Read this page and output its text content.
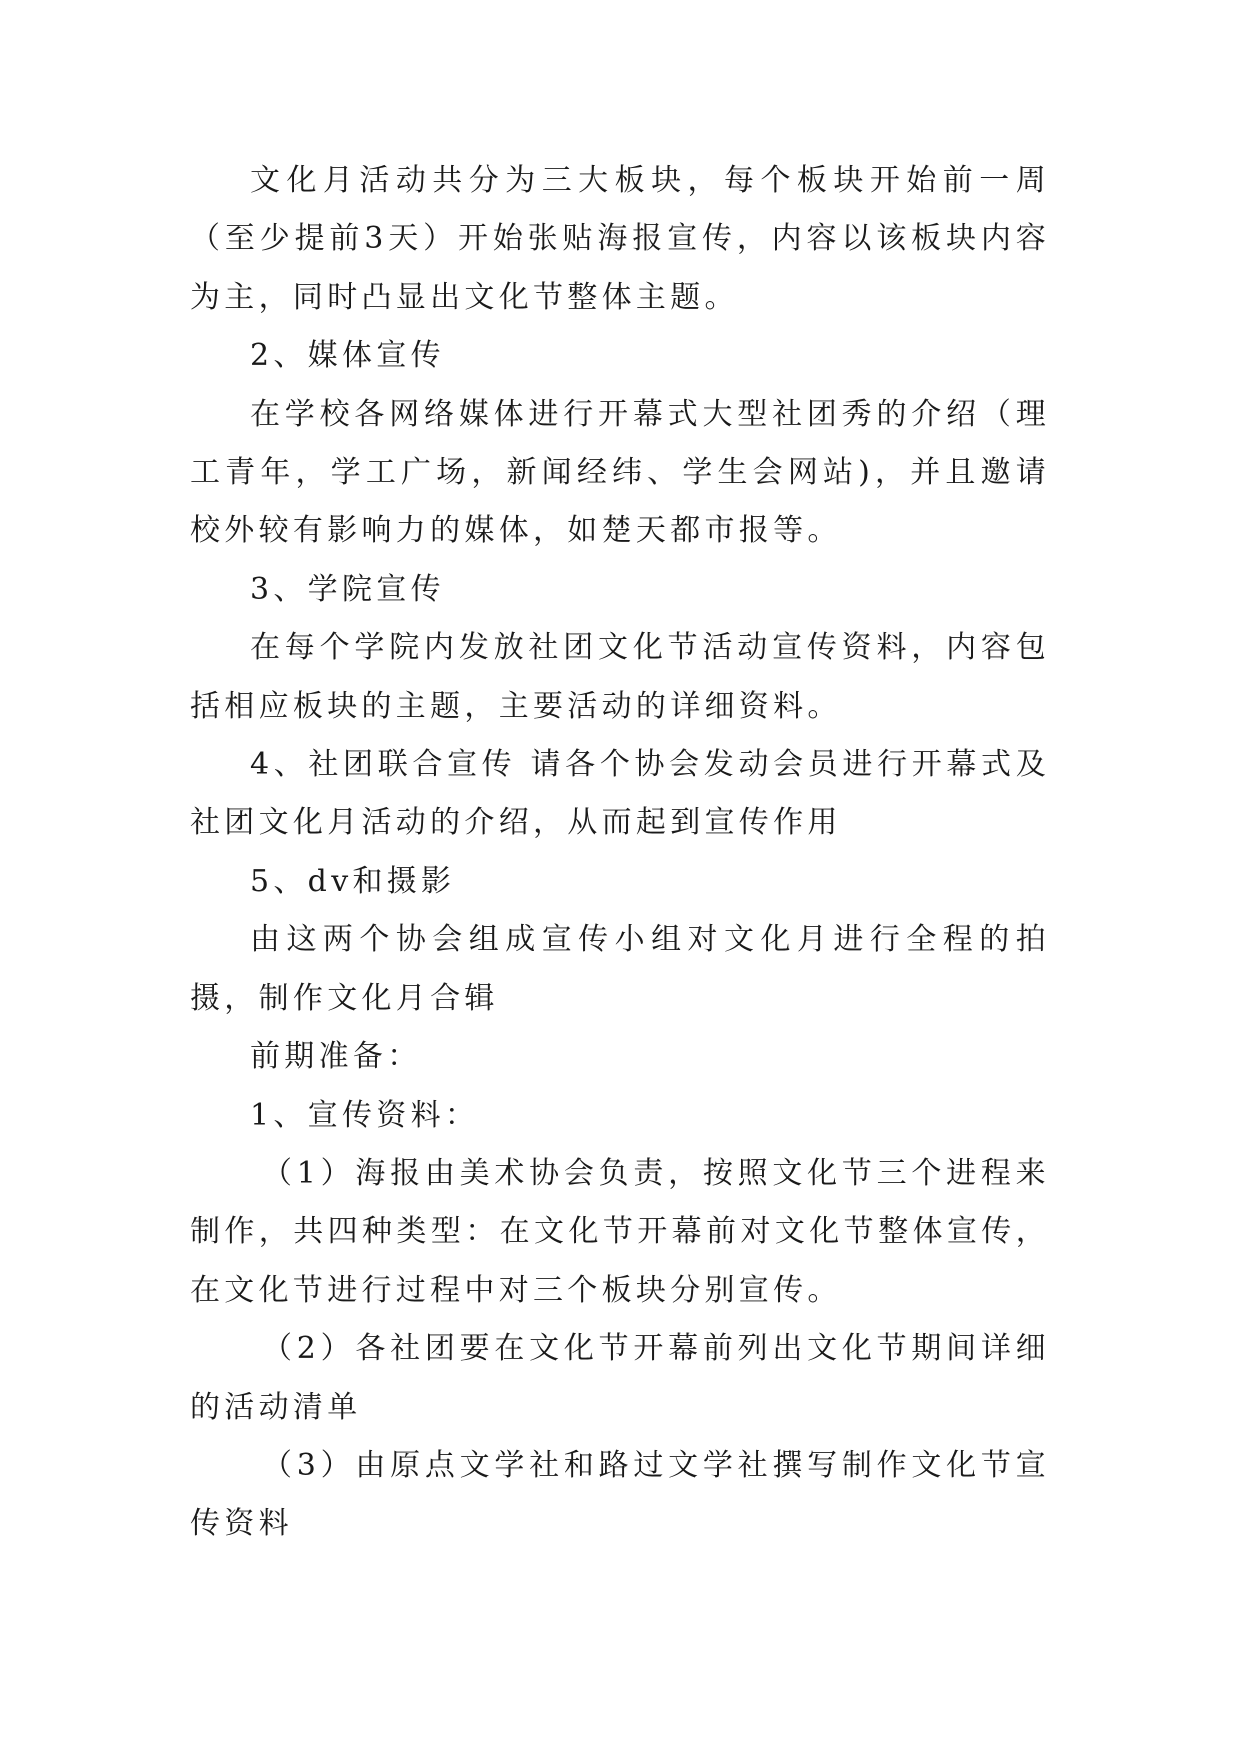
文化月活动共分为三大板块，每个板块开始前一周（至少提前3天）开始张贴海报宣传，内容以该板块内容为主，同时凸显出文化节整体主题。

2、媒体宣传

在学校各网络媒体进行开幕式大型社团秀的介绍（理工青年，学工广场，新闻经纬、学生会网站)，并且邀请校外较有影响力的媒体，如楚天都市报等。

3、学院宣传

在每个学院内发放社团文化节活动宣传资料，内容包括相应板块的主题，主要活动的详细资料。

4、社团联合宣传 请各个协会发动会员进行开幕式及社团文化月活动的介绍，从而起到宣传作用

5、dv和摄影

由这两个协会组成宣传小组对文化月进行全程的拍摄，制作文化月合辑

前期准备：

1、宣传资料：

（1）海报由美术协会负责，按照文化节三个进程来制作，共四种类型：在文化节开幕前对文化节整体宣传，在文化节进行过程中对三个板块分别宣传。

（2）各社团要在文化节开幕前列出文化节期间详细的活动清单

（3）由原点文学社和路过文学社撰写制作文化节宣传资料
